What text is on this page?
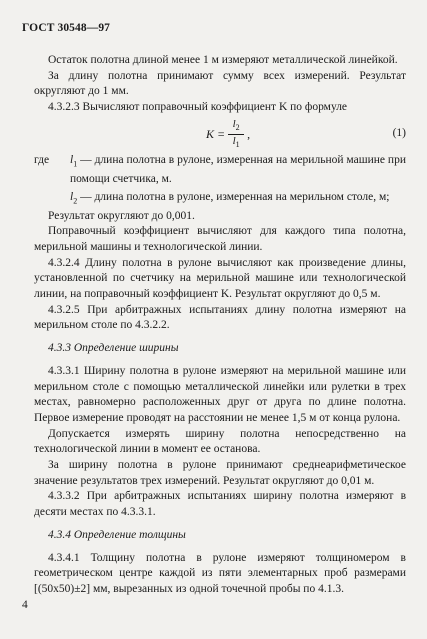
ГОСТ 30548—97

Остаток полотна длиной менее 1 м измеряют металлической линейкой.

За длину полотна принимают сумму всех измерений. Результат округляют до 1 мм.

4.3.2.3 Вычисляют поправочный коэффициент K по формуле

$K = \frac{l_2}{l_1}$ ,	(1)
где	$l_1$ — длина полотна в рулоне, измеренная на мерильной машине при помощи счетчика, м.
$l_2$ — длина полотна в рулоне, измеренная на мерильном столе, м;

Результат округляют до 0,001.

Поправочный коэффициент вычисляют для каждого типа полотна, мерильной машины и технологической линии.

4.3.2.4 Длину полотна в рулоне вычисляют как произведение длины, установленной по счетчику на мерильной машине или технологической линии, на поправочный коэффициент K. Результат округляют до 0,5 м.

4.3.2.5 При арбитражных испытаниях длину полотна измеряют на мерильном столе по 4.3.2.2.

4.3.3 Определение ширины

4.3.3.1 Ширину полотна в рулоне измеряют на мерильной машине или мерильном столе с помощью металлической линейки или рулетки в трех местах, равномерно расположенных друг от друга по длине полотна. Первое измерение проводят на расстоянии не менее 1,5 м от конца рулона.

Допускается измерять ширину полотна непосредственно на технологической линии в момент ее останова.

За ширину полотна в рулоне принимают среднеарифметическое значение результатов трех измерений. Результат округляют до 0,01 м.

4.3.3.2 При арбитражных испытаниях ширину полотна измеряют в десяти местах по 4.3.3.1.

4.3.4 Определение толщины

4.3.4.1 Толщину полотна в рулоне измеряют толщиномером в геометрическом центре каждой из пяти элементарных проб размерами [(50x50)±2] мм, вырезанных из одной точечной пробы по 4.1.3.

4
